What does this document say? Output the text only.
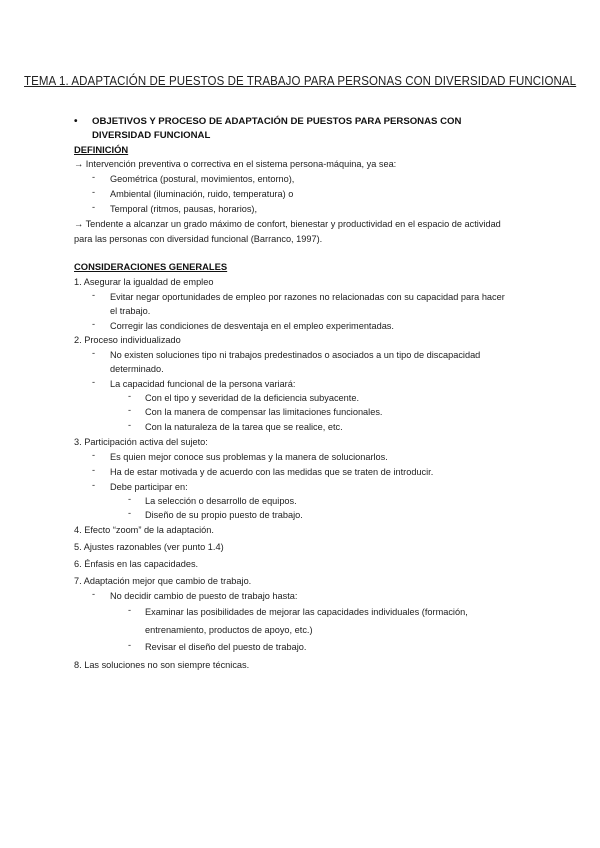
TEMA 1. ADAPTACIÓN DE PUESTOS DE TRABAJO PARA PERSONAS CON DIVERSIDAD FUNCIONAL
• OBJETIVOS Y PROCESO DE ADAPTACIÓN DE PUESTOS PARA PERSONAS CON DIVERSIDAD FUNCIONAL
DEFINICIÓN
→ Intervención preventiva o correctiva en el sistema persona-máquina, ya sea:
- Geométrica (postural, movimientos, entorno),
- Ambiental (iluminación, ruido, temperatura) o
- Temporal (ritmos, pausas, horarios),
→ Tendente a alcanzar un grado máximo de confort, bienestar y productividad en el espacio de actividad
para las personas con diversidad funcional (Barranco, 1997).
CONSIDERACIONES GENERALES
1. Asegurar la igualdad de empleo
- Evitar negar oportunidades de empleo por razones no relacionadas con su capacidad para hacer
el trabajo.
- Corregir las condiciones de desventaja en el empleo experimentadas.
2. Proceso individualizado
- No existen soluciones tipo ni trabajos predestinados o asociados a un tipo de discapacidad
determinado.
- La capacidad funcional de la persona variará:
- Con el tipo y severidad de la deficiencia subyacente.
- Con la manera de compensar las limitaciones funcionales.
- Con la naturaleza de la tarea que se realice, etc.
3. Participación activa del sujeto:
- Es quien mejor conoce sus problemas y la manera de solucionarlos.
- Ha de estar motivada y de acuerdo con las medidas que se traten de introducir.
- Debe participar en:
- La selección o desarrollo de equipos.
- Diseño de su propio puesto de trabajo.
4. Efecto “zoom” de la adaptación.
5. Ajustes razonables (ver punto 1.4)
6. Énfasis en las capacidades.
7. Adaptación mejor que cambio de trabajo.
- No decidir cambio de puesto de trabajo hasta:
- Examinar las posibilidades de mejorar las capacidades individuales (formación,
entrenamiento, productos de apoyo, etc.)
- Revisar el diseño del puesto de trabajo.
8. Las soluciones no son siempre técnicas.
